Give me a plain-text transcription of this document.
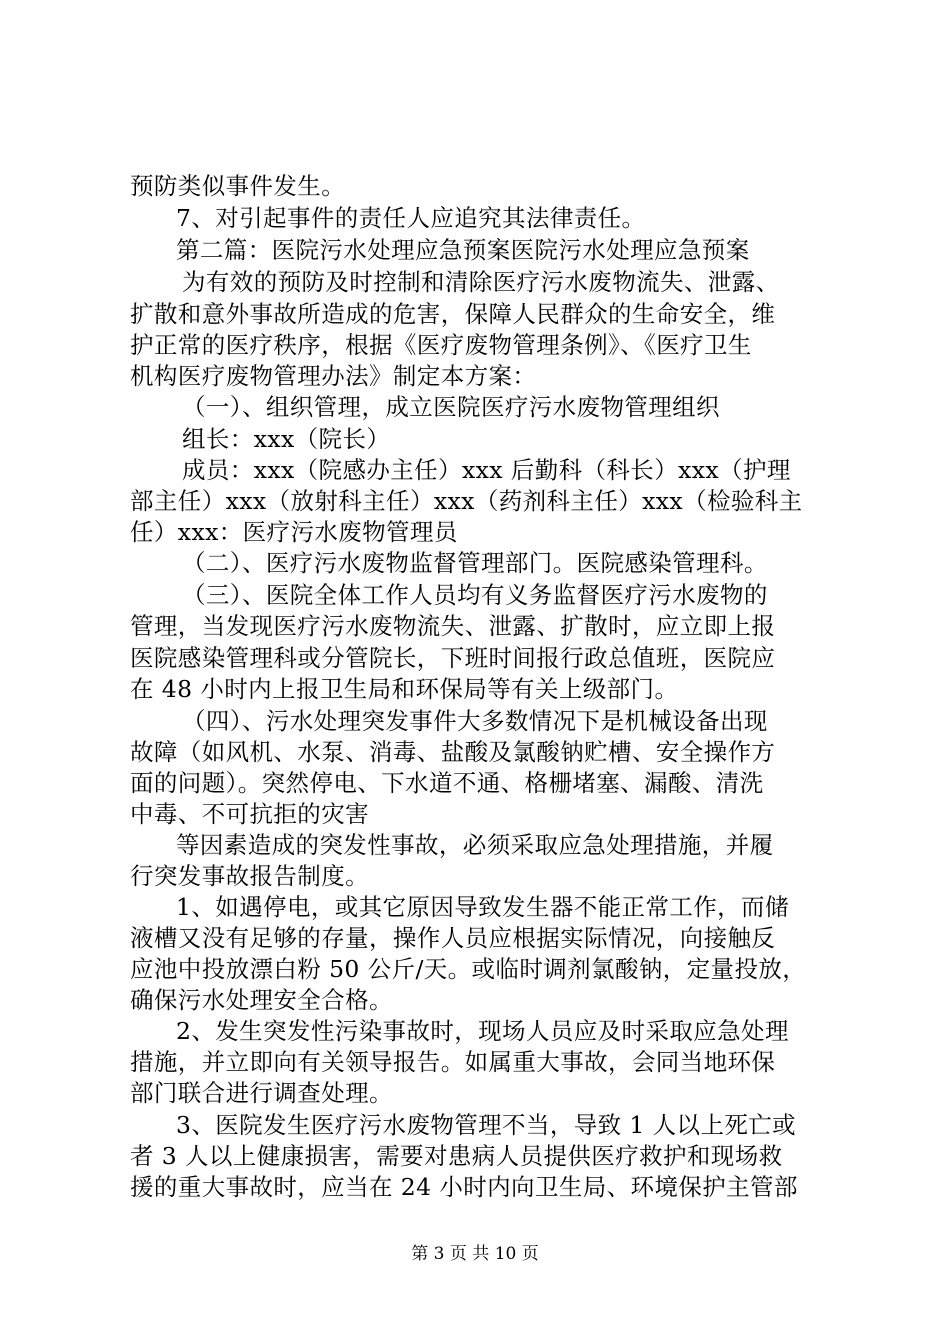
预防类似事件发生。
7、对引起事件的责任人应追究其法律责任。
第二篇：医院污水处理应急预案医院污水处理应急预案
为有效的预防及时控制和清除医疗污水废物流失、泄露、
扩散和意外事故所造成的危害，保障人民群众的生命安全，维
护正常的医疗秩序，根据《医疗废物管理条例》、《医疗卫生
机构医疗废物管理办法》制定本方案：
（一）、组织管理，成立医院医疗污水废物管理组织
组长：xxx（院长）
成员：xxx（院感办主任）xxx 后勤科（科长）xxx（护理
部主任）xxx（放射科主任）xxx（药剂科主任）xxx（检验科主
任）xxx：医疗污水废物管理员
（二）、医疗污水废物监督管理部门。医院感染管理科。
（三）、医院全体工作人员均有义务监督医疗污水废物的
管理，当发现医疗污水废物流失、泄露、扩散时，应立即上报
医院感染管理科或分管院长，下班时间报行政总值班，医院应
在 48 小时内上报卫生局和环保局等有关上级部门。
（四）、污水处理突发事件大多数情况下是机械设备出现
故障（如风机、水泵、消毒、盐酸及氯酸钠贮槽、安全操作方
面的问题）。突然停电、下水道不通、格栅堵塞、漏酸、清洗
中毒、不可抗拒的灾害
等因素造成的突发性事故，必须采取应急处理措施，并履
行突发事故报告制度。
1、如遇停电，或其它原因导致发生器不能正常工作，而储
液槽又没有足够的存量，操作人员应根据实际情况，向接触反
应池中投放漂白粉 50 公斤/天。或临时调剂氯酸钠，定量投放，
确保污水处理安全合格。
2、发生突发性污染事故时，现场人员应及时采取应急处理
措施，并立即向有关领导报告。如属重大事故，会同当地环保
部门联合进行调查处理。
3、医院发生医疗污水废物管理不当，导致 1 人以上死亡或
者 3 人以上健康损害，需要对患病人员提供医疗救护和现场救
援的重大事故时，应当在 24 小时内向卫生局、环境保护主管部
第 3 页 共 10 页
